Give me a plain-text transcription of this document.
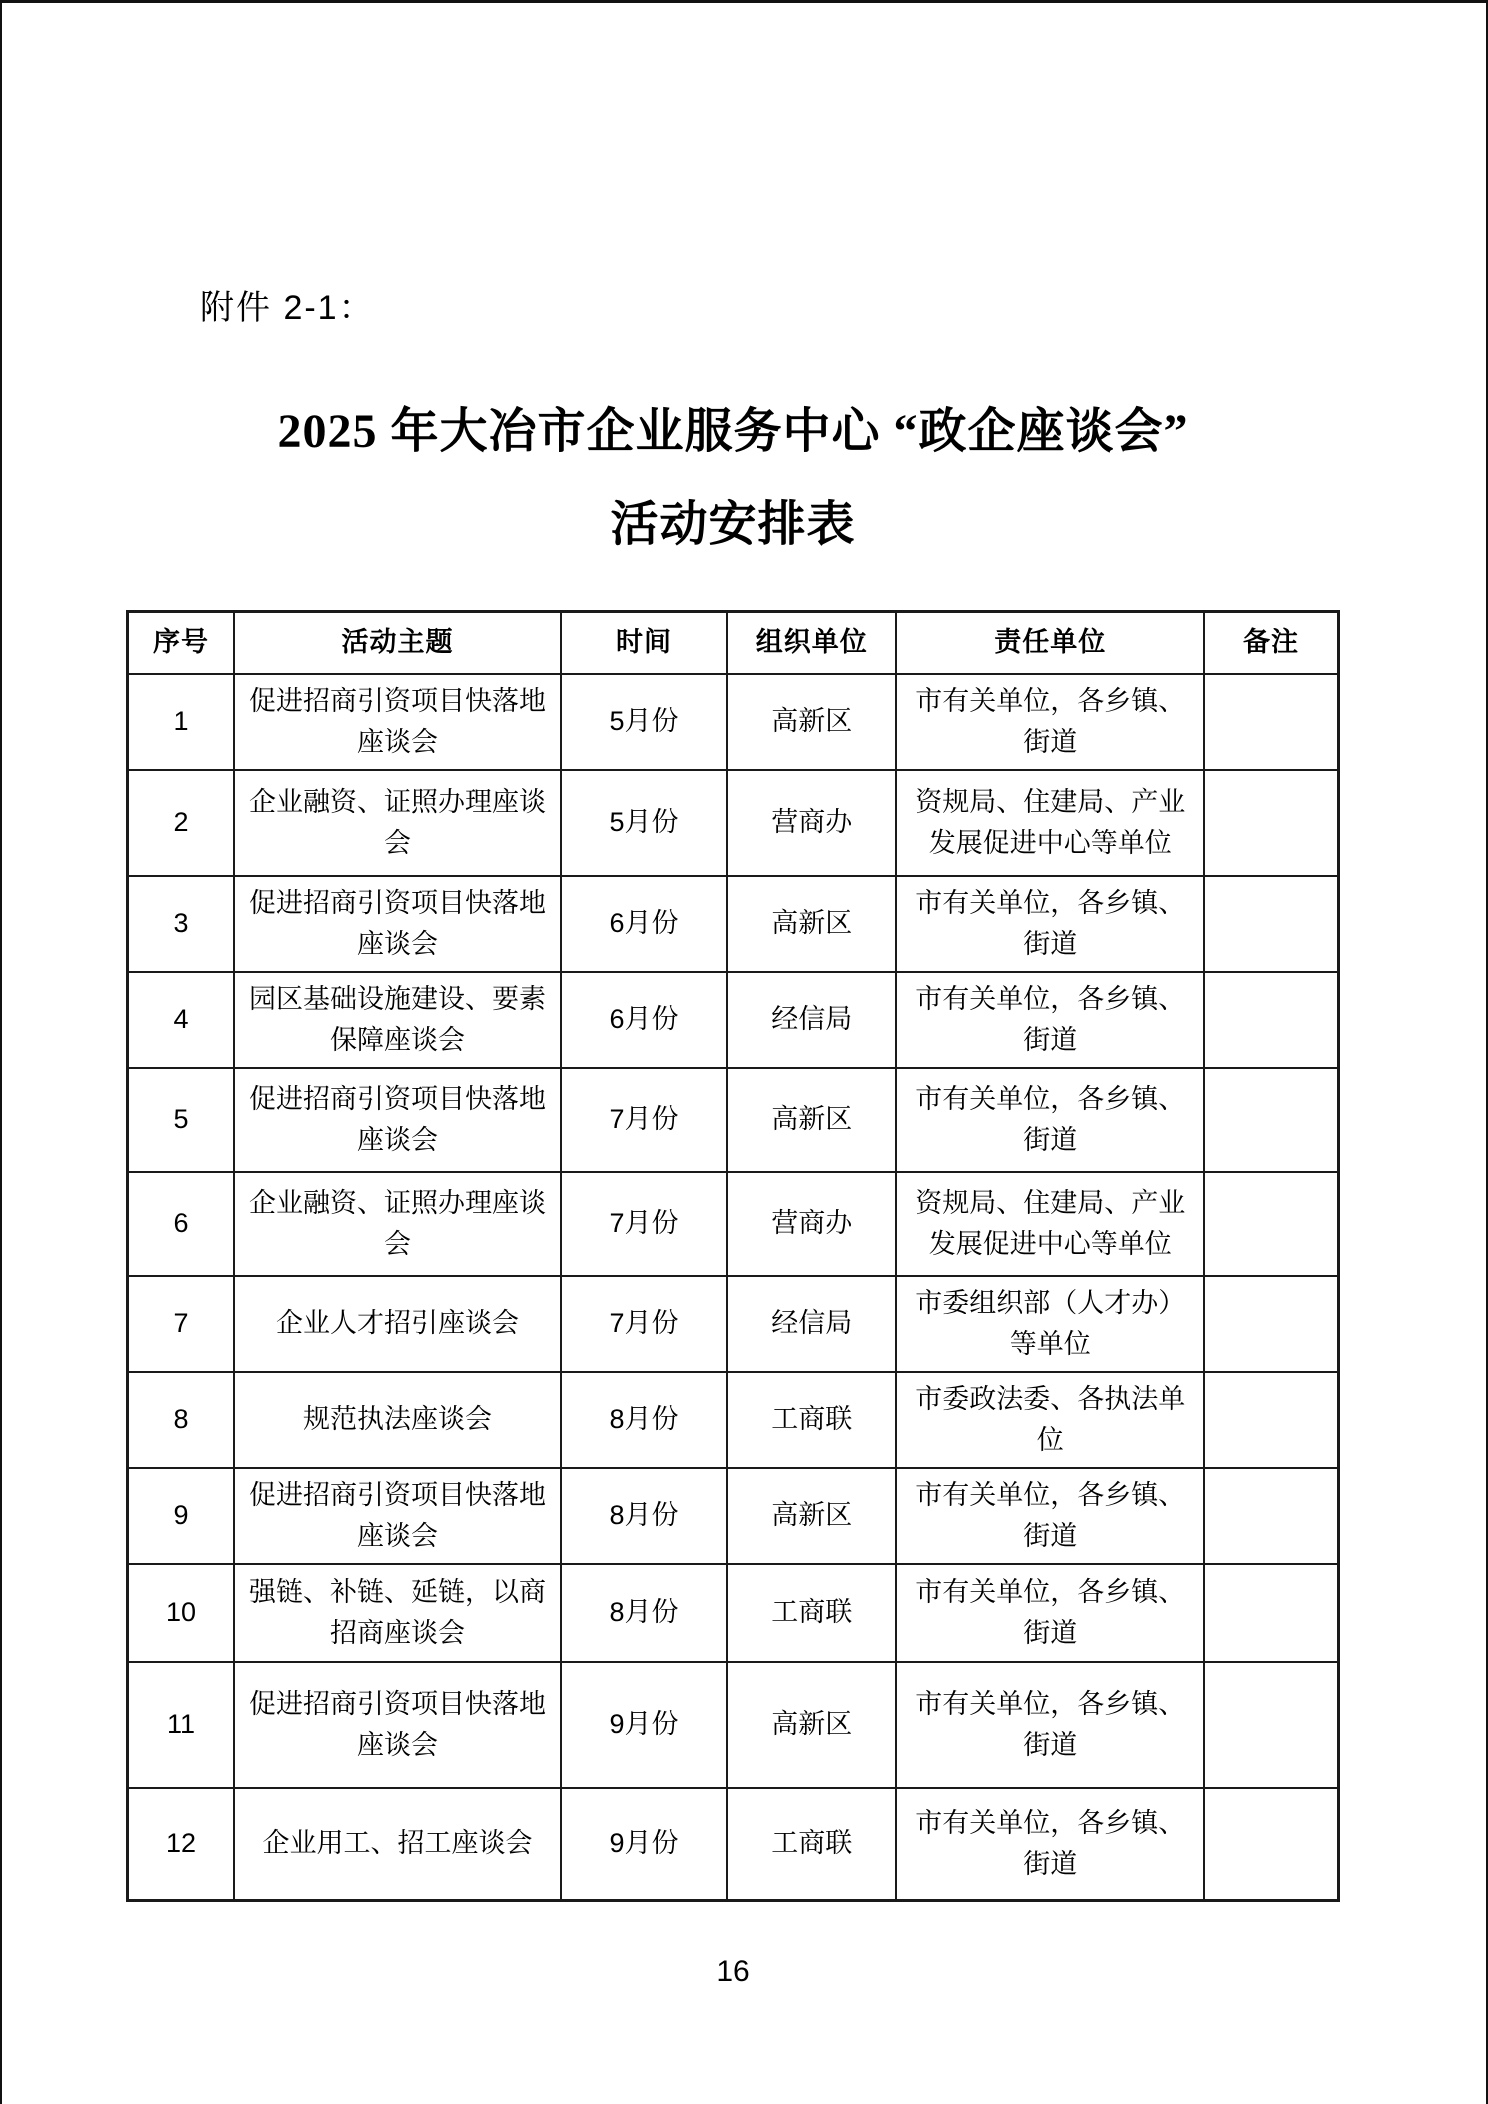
附件 2-1：
2025 年大冶市企业服务中心 “政企座谈会”
活动安排表
序号	活动主题	时间	组织单位	责任单位	备注
1	促进招商引资项目快落地座谈会	5月份	高新区	市有关单位，各乡镇、街道	
2	企业融资、证照办理座谈会	5月份	营商办	资规局、住建局、产业发展促进中心等单位	
3	促进招商引资项目快落地座谈会	6月份	高新区	市有关单位，各乡镇、街道	
4	园区基础设施建设、要素保障座谈会	6月份	经信局	市有关单位，各乡镇、街道	
5	促进招商引资项目快落地座谈会	7月份	高新区	市有关单位，各乡镇、街道	
6	企业融资、证照办理座谈会	7月份	营商办	资规局、住建局、产业发展促进中心等单位	
7	企业人才招引座谈会	7月份	经信局	市委组织部（人才办）等单位	
8	规范执法座谈会	8月份	工商联	市委政法委、各执法单位	
9	促进招商引资项目快落地座谈会	8月份	高新区	市有关单位，各乡镇、街道	
10	强链、补链、延链，以商招商座谈会	8月份	工商联	市有关单位，各乡镇、街道	
11	促进招商引资项目快落地座谈会	9月份	高新区	市有关单位，各乡镇、街道	
12	企业用工、招工座谈会	9月份	工商联	市有关单位，各乡镇、街道	
16
